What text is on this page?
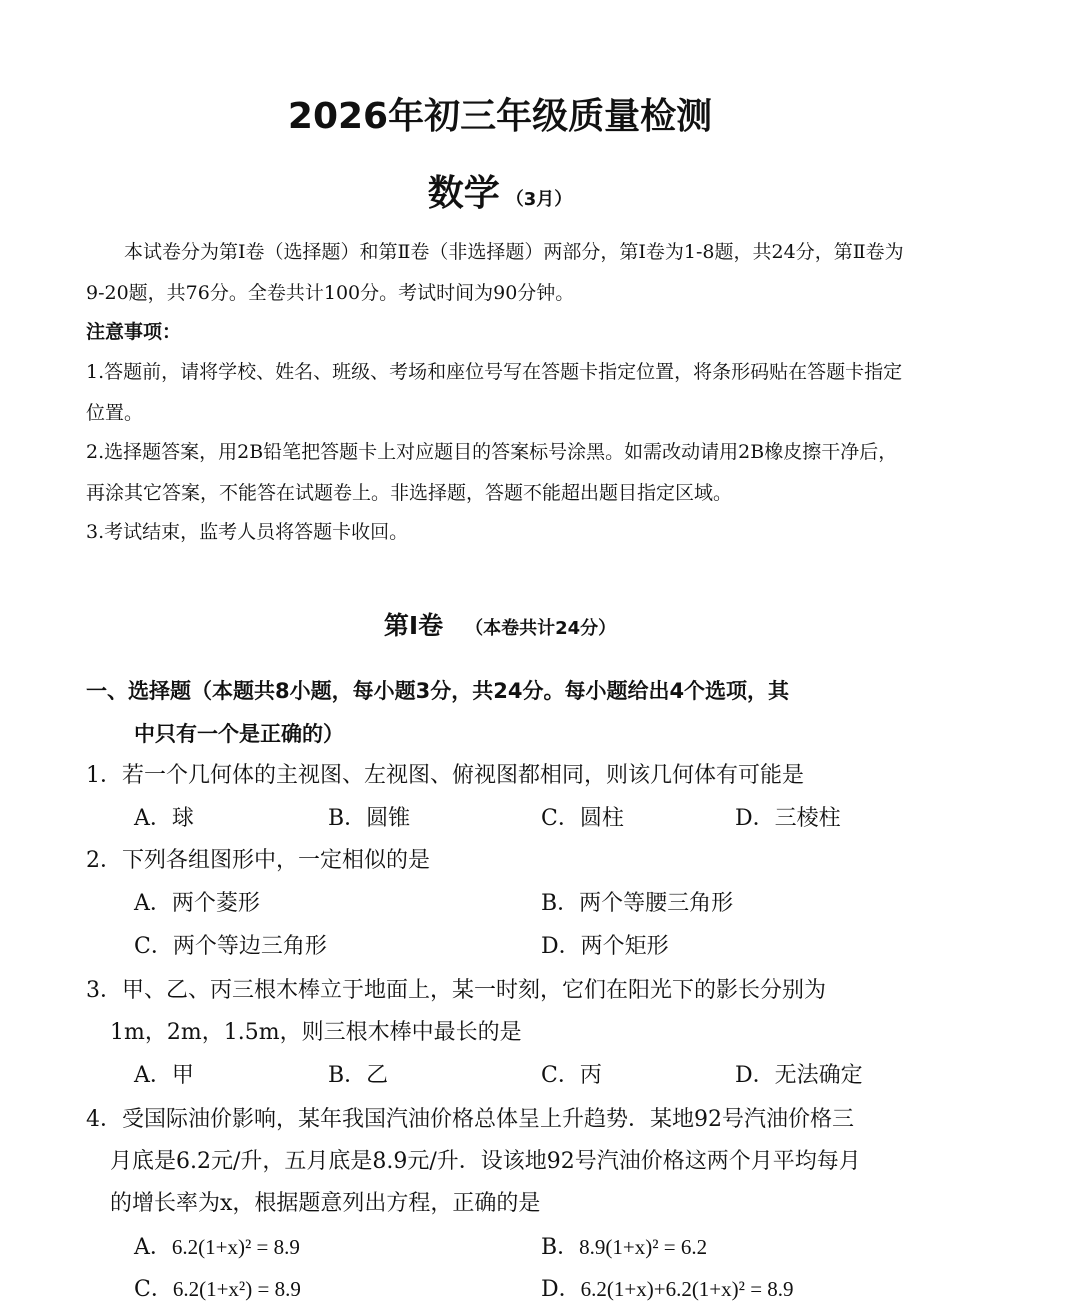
2026年初三年级质量检测
数学 （3月）
本试卷分为第Ⅰ卷（选择题）和第Ⅱ卷（非选择题）两部分，第Ⅰ卷为1-8题，共24分，第Ⅱ卷为9-20题，共76分。全卷共计100分。考试时间为90分钟。
注意事项：
1.答题前，请将学校、姓名、班级、考场和座位号写在答题卡指定位置，将条形码贴在答题卡指定位置。
2.选择题答案，用2B铅笔把答题卡上对应题目的答案标号涂黑。如需改动请用2B橡皮擦干净后，再涂其它答案，不能答在试题卷上。非选择题，答题不能超出题目指定区域。
3.考试结束，监考人员将答题卡收回。
第Ⅰ卷 （本卷共计24分）
一、选择题（本题共8小题，每小题3分，共24分。每小题给出4个选项，其
中只有一个是正确的）
1．若一个几何体的主视图、左视图、俯视图都相同，则该几何体有可能是
A．球	B．圆锥	C．圆柱	D．三棱柱
2．下列各组图形中，一定相似的是
A．两个菱形	B．两个等腰三角形
C．两个等边三角形	D．两个矩形
3．甲、乙、丙三根木棒立于地面上，某一时刻，它们在阳光下的影长分别为
1m，2m，1.5m，则三根木棒中最长的是
A．甲	B．乙	C．丙	D．无法确定
4．受国际油价影响，某年我国汽油价格总体呈上升趋势．某地92号汽油价格三
月底是6.2元/升，五月底是8.9元/升．设该地92号汽油价格这两个月平均每月
的增长率为x，根据题意列出方程，正确的是
A．6.2(1+x)² = 8.9	B．8.9(1+x)² = 6.2
C．6.2(1+x²) = 8.9	D．6.2(1+x)+6.2(1+x)² = 8.9
